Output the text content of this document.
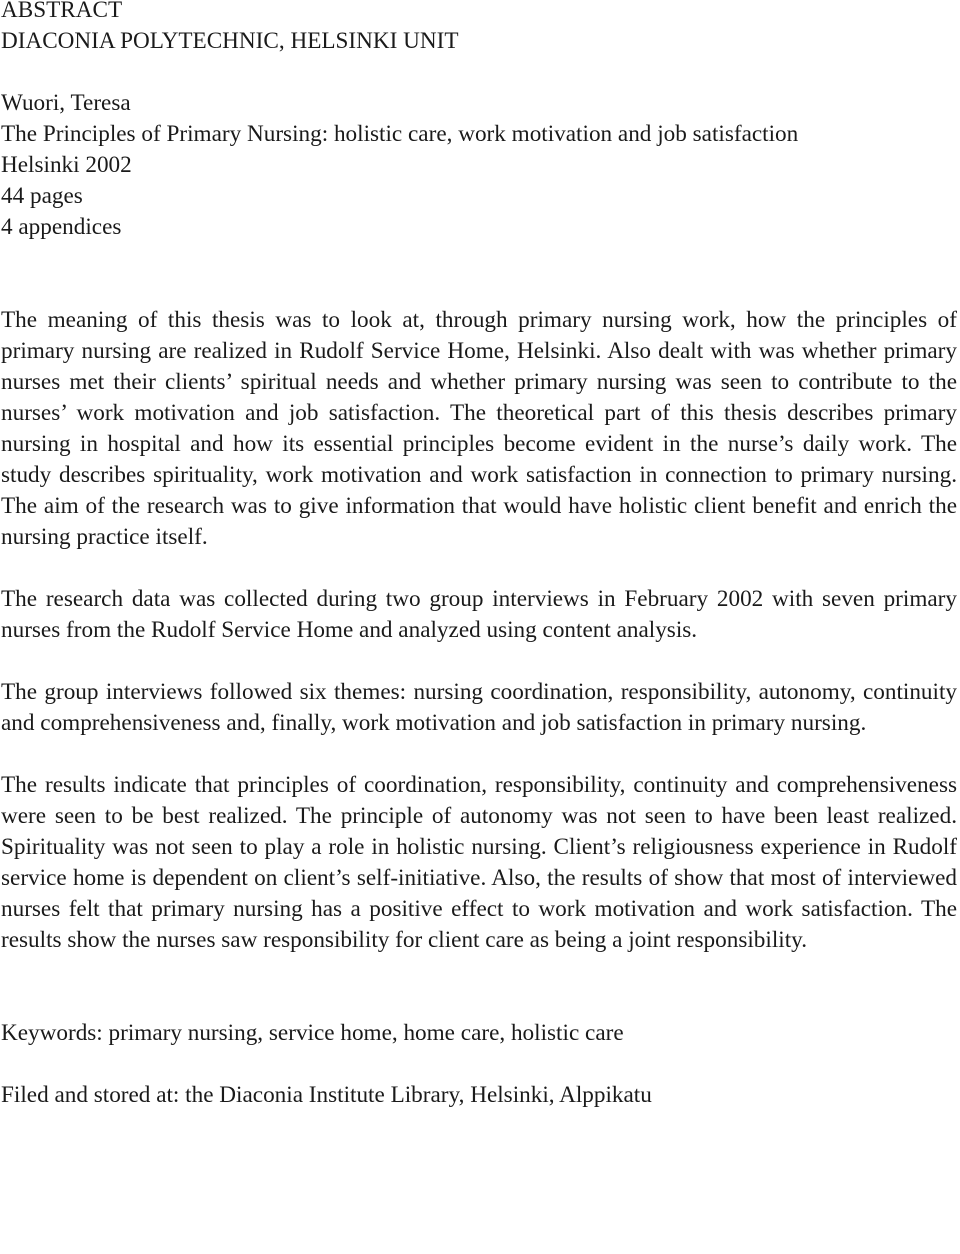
ABSTRACT
DIACONIA POLYTECHNIC, HELSINKI UNIT
Wuori, Teresa
The Principles of Primary Nursing: holistic care, work motivation and job satisfaction
Helsinki 2002
44 pages
4 appendices

The meaning of this thesis was to look at, through primary nursing work, how the principles of primary nursing are realized in Rudolf Service Home, Helsinki. Also dealt with was whether primary nurses met their clients’ spiritual needs and whether primary nursing was seen to contribute to the nurses’ work motivation and job satisfaction. The theoretical part of this thesis describes primary nursing in hospital and how its essential principles become evident in the nurse’s daily work. The study describes spirituality, work motivation and work satisfaction in connection to primary nursing. The aim of the research was to give information that would have holistic client benefit and enrich the nursing practice itself.

The research data was collected during two group interviews in February 2002 with seven primary nurses from the Rudolf Service Home and analyzed using content analysis.

The group interviews followed six themes: nursing coordination, responsibility, autonomy, continuity and comprehensiveness and, finally, work motivation and job satisfaction in primary nursing.

The results indicate that principles of coordination, responsibility, continuity and comprehensiveness were seen to be best realized. The principle of autonomy was not seen to have been least realized. Spirituality was not seen to play a role in holistic nursing. Client’s religiousness experience in Rudolf service home is dependent on client’s self-initiative. Also, the results of show that most of interviewed nurses felt that primary nursing has a positive effect to work motivation and work satisfaction. The results show the nurses saw responsibility for client care as being a joint responsibility.

Keywords: primary nursing, service home, home care, holistic care
Filed and stored at: the Diaconia Institute Library, Helsinki, Alppikatu
